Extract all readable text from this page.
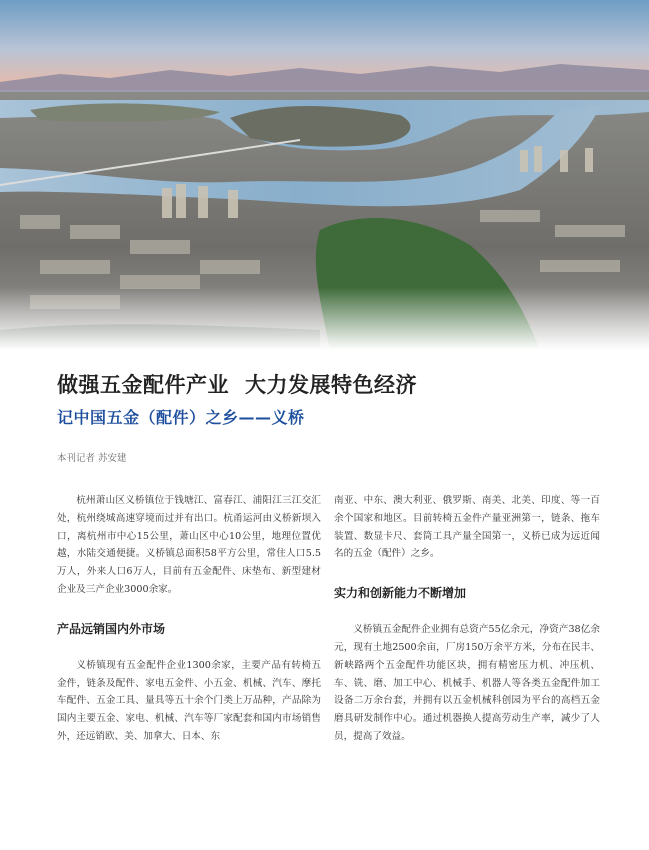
做强五金配件产业 大力发展特色经济
记中国五金（配件）之乡——义桥
本刊记者 苏安建

杭州萧山区义桥镇位于钱塘江、富春江、浦阳江三江交汇处，杭州绕城高速穿境而过并有出口。杭甬运河由义桥新坝入口，离杭州市中心15公里，萧山区中心10公里，地理位置优越，水陆交通便捷。义桥镇总面积58平方公里，常住人口5.5万人，外来人口6万人，目前有五金配件、床垫布、新型建材企业及三产企业3000余家。

产品远销国内外市场

义桥镇现有五金配件企业1300余家，主要产品有转椅五金件，链条及配件、家电五金件、小五金、机械、汽车、摩托车配件、五金工具、量具等五十余个门类上万品种，产品除为国内主要五金、家电、机械、汽车等厂家配套和国内市场销售外，还远销欧、美、加拿大、日本、东

南亚、中东、澳大利亚、俄罗斯、南美、北美、印度、等一百余个国家和地区。目前转椅五金件产量亚洲第一，链条、拖车装置、数显卡尺、套筒工具产量全国第一，义桥已成为远近闻名的五金（配件）之乡。

实力和创新能力不断增加

义桥镇五金配件企业拥有总资产55亿余元，净资产38亿余元，现有土地2500余亩，厂房150万余平方米，分布在民丰、新峡路两个五金配件功能区块，拥有精密压力机、冲压机、车、铣、磨、加工中心、机械手、机器人等各类五金配件加工设备二万余台套，并拥有以五金机械科创园为平台的高档五金磨具研发制作中心。通过机器换人提高劳动生产率，减少了人员，提高了效益。
